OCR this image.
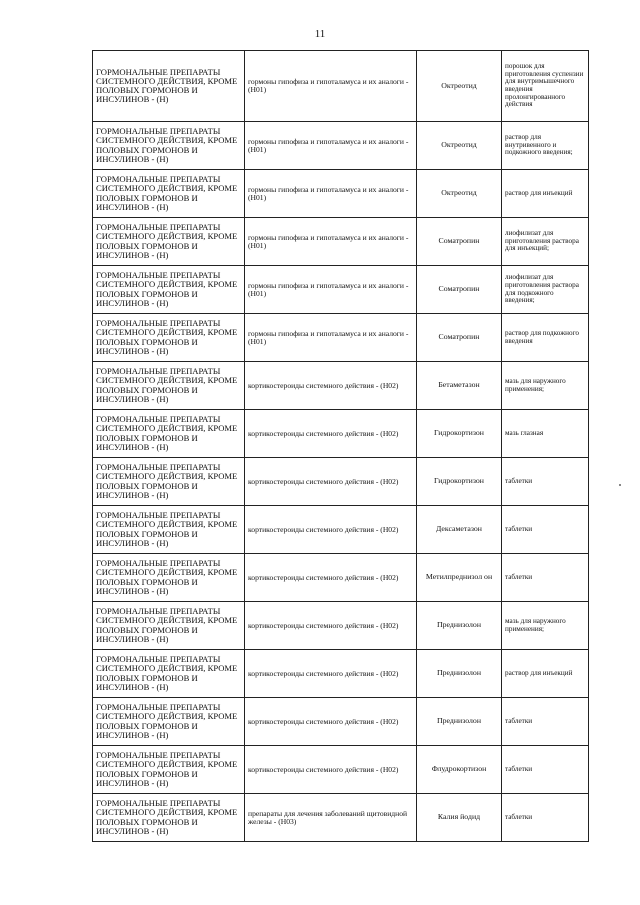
11
ГОРМОНАЛЬНЫЕ ПРЕПАРАТЫ СИСТЕМНОГО ДЕЙСТВИЯ, КРОМЕ ПОЛОВЫХ ГОРМОНОВ И ИНСУЛИНОВ - (Н)	гормоны гипофиза и гипоталамуса и их аналоги - (Н01)	Октреотид	порошок для приготовления суспензии для внутримышечного введения пролонгированного действия
ГОРМОНАЛЬНЫЕ ПРЕПАРАТЫ СИСТЕМНОГО ДЕЙСТВИЯ, КРОМЕ ПОЛОВЫХ ГОРМОНОВ И ИНСУЛИНОВ - (Н)	гормоны гипофиза и гипоталамуса и их аналоги - (Н01)	Октреотид	раствор для внутривенного и подкожного введения;
ГОРМОНАЛЬНЫЕ ПРЕПАРАТЫ СИСТЕМНОГО ДЕЙСТВИЯ, КРОМЕ ПОЛОВЫХ ГОРМОНОВ И ИНСУЛИНОВ - (Н)	гормоны гипофиза и гипоталамуса и их аналоги - (Н01)	Октреотид	раствор для инъекций
ГОРМОНАЛЬНЫЕ ПРЕПАРАТЫ СИСТЕМНОГО ДЕЙСТВИЯ, КРОМЕ ПОЛОВЫХ ГОРМОНОВ И ИНСУЛИНОВ - (Н)	гормоны гипофиза и гипоталамуса и их аналоги - (Н01)	Соматропин	лиофилизат для приготовления раствора для инъекций;
ГОРМОНАЛЬНЫЕ ПРЕПАРАТЫ СИСТЕМНОГО ДЕЙСТВИЯ, КРОМЕ ПОЛОВЫХ ГОРМОНОВ И ИНСУЛИНОВ - (Н)	гормоны гипофиза и гипоталамуса и их аналоги - (Н01)	Соматропин	лиофилизат для приготовления раствора для подкожного введения;
ГОРМОНАЛЬНЫЕ ПРЕПАРАТЫ СИСТЕМНОГО ДЕЙСТВИЯ, КРОМЕ ПОЛОВЫХ ГОРМОНОВ И ИНСУЛИНОВ - (Н)	гормоны гипофиза и гипоталамуса и их аналоги - (Н01)	Соматропин	раствор для подкожного введения
ГОРМОНАЛЬНЫЕ ПРЕПАРАТЫ СИСТЕМНОГО ДЕЙСТВИЯ, КРОМЕ ПОЛОВЫХ ГОРМОНОВ И ИНСУЛИНОВ - (Н)	кортикостероиды системного действия - (Н02)	Бетаметазон	мазь для наружного применения;
ГОРМОНАЛЬНЫЕ ПРЕПАРАТЫ СИСТЕМНОГО ДЕЙСТВИЯ, КРОМЕ ПОЛОВЫХ ГОРМОНОВ И ИНСУЛИНОВ - (Н)	кортикостероиды системного действия - (Н02)	Гидрокортизон	мазь глазная
ГОРМОНАЛЬНЫЕ ПРЕПАРАТЫ СИСТЕМНОГО ДЕЙСТВИЯ, КРОМЕ ПОЛОВЫХ ГОРМОНОВ И ИНСУЛИНОВ - (Н)	кортикостероиды системного действия - (Н02)	Гидрокортизон	таблетки
ГОРМОНАЛЬНЫЕ ПРЕПАРАТЫ СИСТЕМНОГО ДЕЙСТВИЯ, КРОМЕ ПОЛОВЫХ ГОРМОНОВ И ИНСУЛИНОВ - (Н)	кортикостероиды системного действия - (Н02)	Дексаметазон	таблетки
ГОРМОНАЛЬНЫЕ ПРЕПАРАТЫ СИСТЕМНОГО ДЕЙСТВИЯ, КРОМЕ ПОЛОВЫХ ГОРМОНОВ И ИНСУЛИНОВ - (Н)	кортикостероиды системного действия - (Н02)	Метилпреднизол он	таблетки
ГОРМОНАЛЬНЫЕ ПРЕПАРАТЫ СИСТЕМНОГО ДЕЙСТВИЯ, КРОМЕ ПОЛОВЫХ ГОРМОНОВ И ИНСУЛИНОВ - (Н)	кортикостероиды системного действия - (Н02)	Преднизолон	мазь для наружного применения;
ГОРМОНАЛЬНЫЕ ПРЕПАРАТЫ СИСТЕМНОГО ДЕЙСТВИЯ, КРОМЕ ПОЛОВЫХ ГОРМОНОВ И ИНСУЛИНОВ - (Н)	кортикостероиды системного действия - (Н02)	Преднизолон	раствор для инъекций
ГОРМОНАЛЬНЫЕ ПРЕПАРАТЫ СИСТЕМНОГО ДЕЙСТВИЯ, КРОМЕ ПОЛОВЫХ ГОРМОНОВ И ИНСУЛИНОВ - (Н)	кортикостероиды системного действия - (Н02)	Преднизолон	таблетки
ГОРМОНАЛЬНЫЕ ПРЕПАРАТЫ СИСТЕМНОГО ДЕЙСТВИЯ, КРОМЕ ПОЛОВЫХ ГОРМОНОВ И ИНСУЛИНОВ - (Н)	кортикостероиды системного действия - (Н02)	Флудрокортизон	таблетки
ГОРМОНАЛЬНЫЕ ПРЕПАРАТЫ СИСТЕМНОГО ДЕЙСТВИЯ, КРОМЕ ПОЛОВЫХ ГОРМОНОВ И ИНСУЛИНОВ - (Н)	препараты для лечения заболеваний щитовидной железы - (Н03)	Калия йодид	таблетки
